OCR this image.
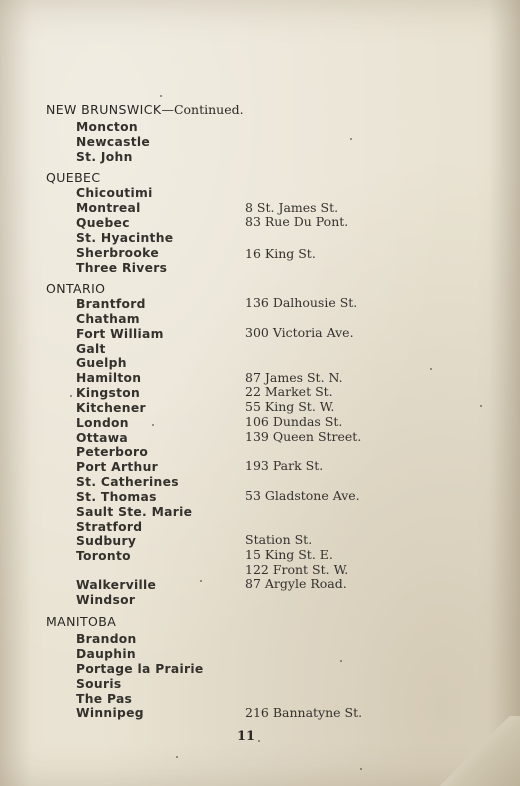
NEW BRUNSWICK—Continued.
Moncton
Newcastle
St. John
QUEBEC
Chicoutimi
Montreal	8 St. James St.
Quebec	83 Rue Du Pont.
St. Hyacinthe
Sherbrooke	16 King St.
Three Rivers
ONTARIO
Brantford	136 Dalhousie St.
Chatham
Fort William	300 Victoria Ave.
Galt
Guelph
Hamilton	87 James St. N.
Kingston	22 Market St.
Kitchener	55 King St. W.
London	106 Dundas St.
Ottawa	139 Queen Street.
Peterboro
Port Arthur	193 Park St.
St. Catherines
St. Thomas	53 Gladstone Ave.
Sault Ste. Marie
Stratford
Sudbury	Station St.
Toronto	15 King St. E.
122 Front St. W.
Walkerville	87 Argyle Road.
Windsor
MANITOBA
Brandon
Dauphin
Portage la Prairie
Souris
The Pas
Winnipeg	216 Bannatyne St.
11
